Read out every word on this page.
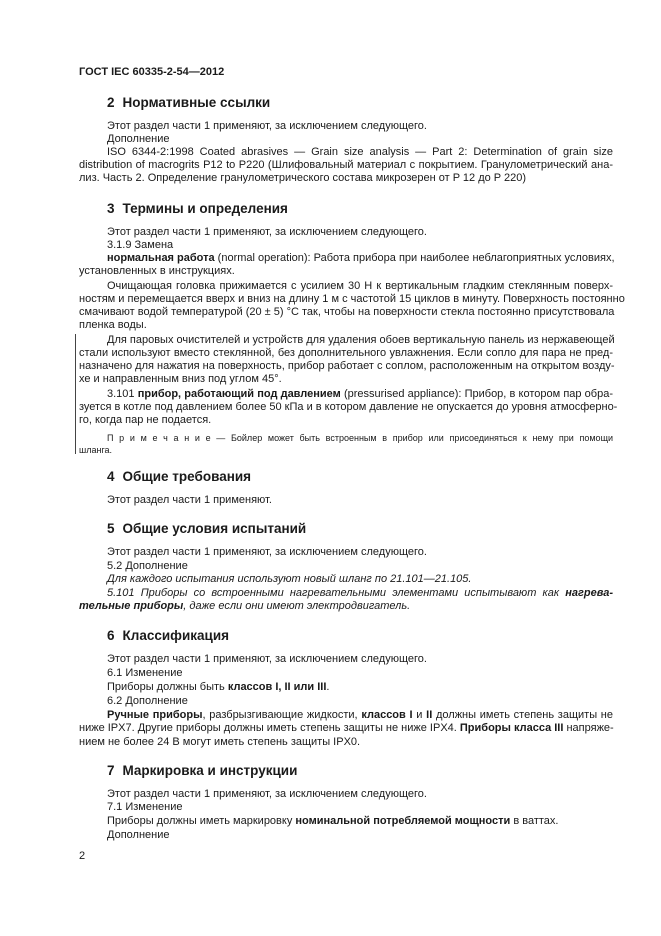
ГОСТ IEC 60335-2-54—2012
2 Нормативные ссылки
Этот раздел части 1 применяют, за исключением следующего.
Дополнение
ISO 6344-2:1998 Coated abrasives — Grain size analysis — Part 2: Determination of grain size
distribution of macrogrits P12 to P220 (Шлифовальный материал с покрытием. Гранулометрический ана-
лиз. Часть 2. Определение гранулометрического состава микрозерен от P 12 до P 220)
3 Термины и определения
Этот раздел части 1 применяют, за исключением следующего.
3.1.9 Замена
нормальная работа (normal operation): Работа прибора при наиболее неблагоприятных условиях,
установленных в инструкциях.
Очищающая головка прижимается с усилием 30 Н к вертикальным гладким стеклянным поверх-
ностям и перемещается вверх и вниз на длину 1 м с частотой 15 циклов в минуту. Поверхность постоянно
смачивают водой температурой (20 ± 5) °С так, чтобы на поверхности стекла постоянно присутствовала
пленка воды.
Для паровых очистителей и устройств для удаления обоев вертикальную панель из нержавеющей
стали используют вместо стеклянной, без дополнительного увлажнения. Если сопло для пара не пред-
назначено для нажатия на поверхность, прибор работает с соплом, расположенным на открытом возду-
хе и направленным вниз под углом 45°.
3.101 прибор, работающий под давлением (pressurised appliance): Прибор, в котором пар обра-
зуется в котле под давлением более 50 кПа и в котором давление не опускается до уровня атмосферно-
го, когда пар не подается.
П р и м е ч а н и е — Бойлер может быть встроенным в прибор или присоединяться к нему при помощи
шланга.
4 Общие требования
Этот раздел части 1 применяют.
5 Общие условия испытаний
Этот раздел части 1 применяют, за исключением следующего.
5.2 Дополнение
Для каждого испытания используют новый шланг по 21.101—21.105.
5.101 Приборы со встроенными нагревательными элементами испытывают как нагрева-
тельные приборы, даже если они имеют электродвигатель.
6 Классификация
Этот раздел части 1 применяют, за исключением следующего.
6.1 Изменение
Приборы должны быть классов I, II или III.
6.2 Дополнение
Ручные приборы, разбрызгивающие жидкости, классов I и II должны иметь степень защиты не
ниже IPX7. Другие приборы должны иметь степень защиты не ниже IPX4. Приборы класса III напряже-
нием не более 24 В могут иметь степень защиты IPX0.
7 Маркировка и инструкции
Этот раздел части 1 применяют, за исключением следующего.
7.1 Изменение
Приборы должны иметь маркировку номинальной потребляемой мощности в ваттах.
Дополнение
2
